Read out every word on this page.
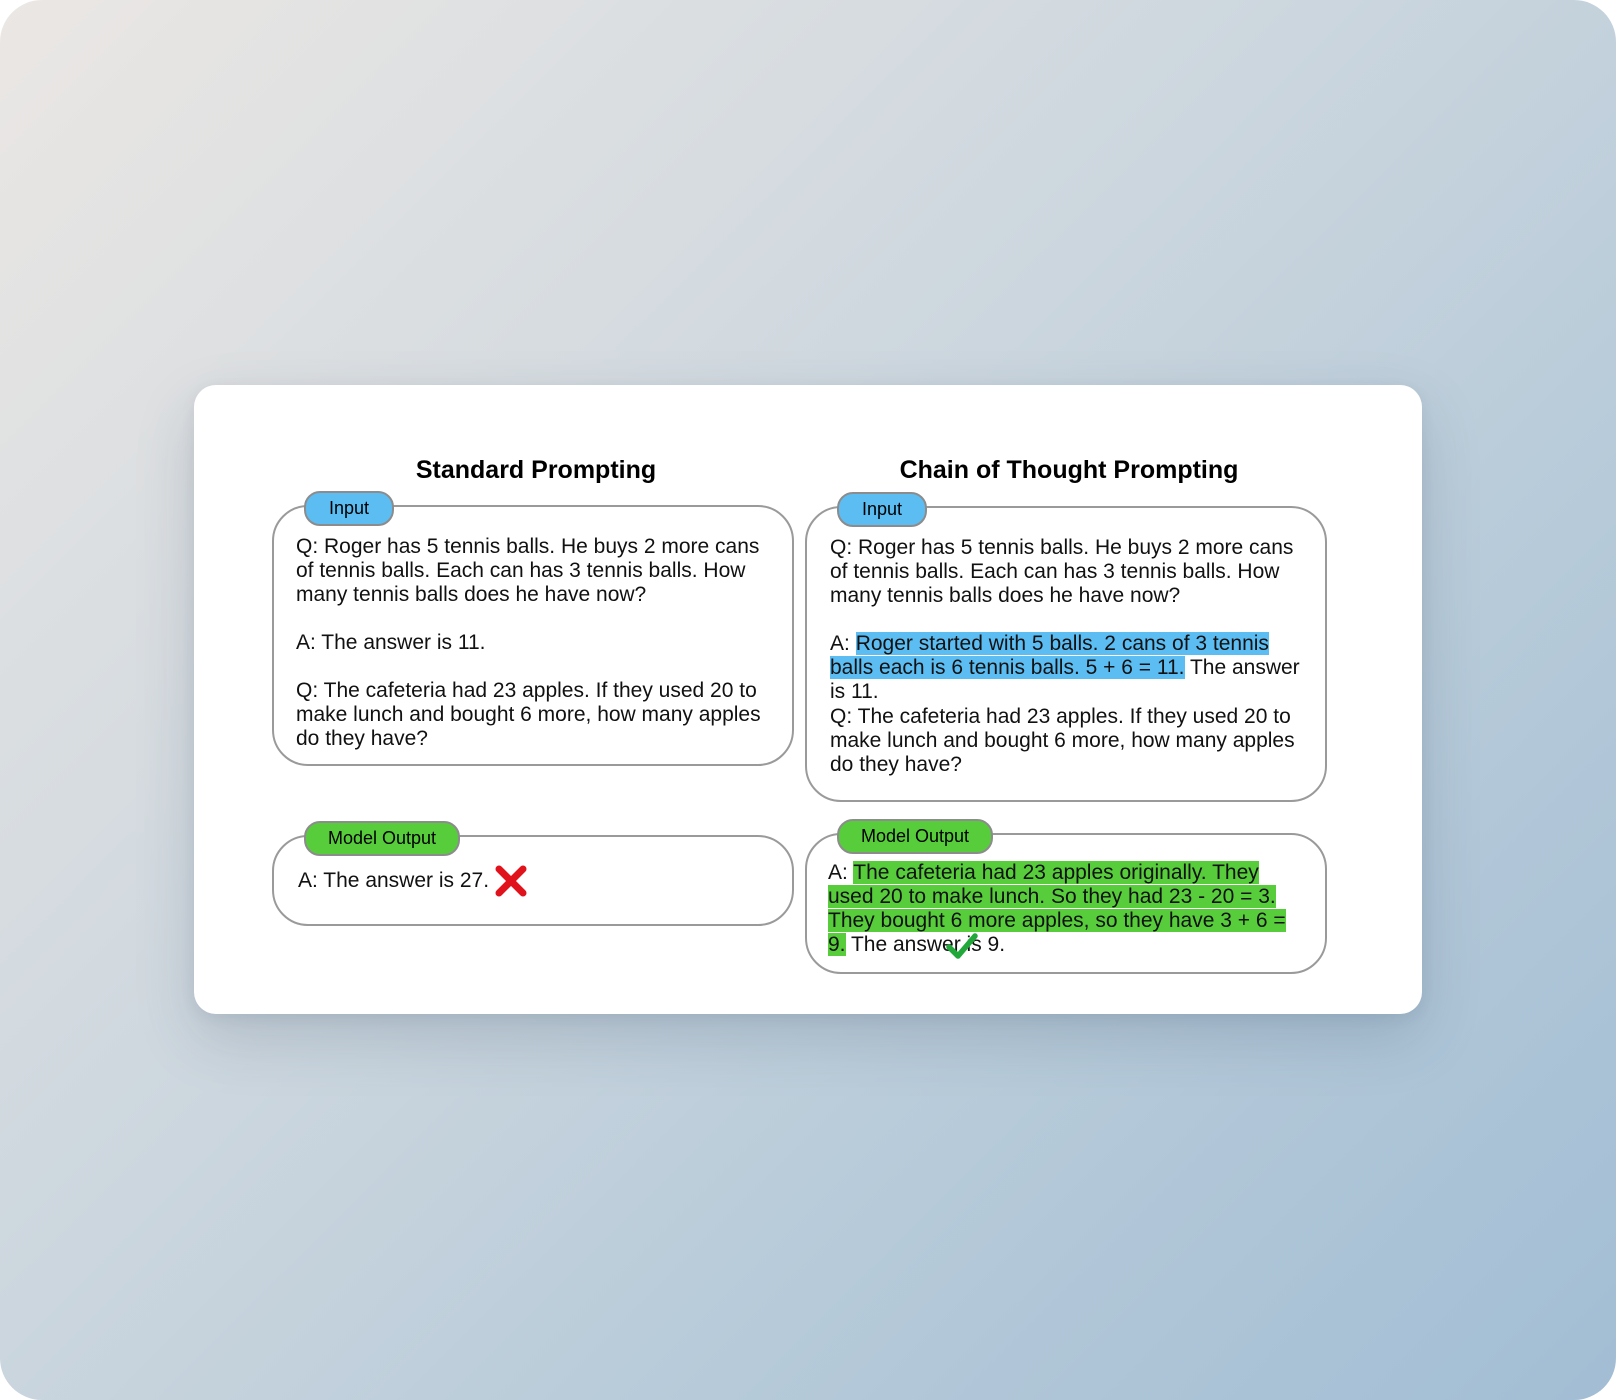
Standard Prompting
Input
Q: Roger has 5 tennis balls. He buys 2 more cans of tennis balls. Each can has 3 tennis balls. How many tennis balls does he have now?
A: The answer is 11.
Q: The cafeteria had 23 apples. If they used 20 to make lunch and bought 6 more, how many apples do they have?
Model Output
A: The answer is 27.
Chain of Thought Prompting
Input
Q: Roger has 5 tennis balls. He buys 2 more cans of tennis balls. Each can has 3 tennis balls. How many tennis balls does he have now?

A: Roger started with 5 balls. 2 cans of 3 tennis balls each is 6 tennis balls. 5 + 6 = 11. The answer is 11.

Q: The cafeteria had 23 apples. If they used 20 to make lunch and bought 6 more, how many apples do they have?
Model Output

A: The cafeteria had 23 apples originally. They used 20 to make lunch. So they had 23 - 20 = 3. They bought 6 more apples, so they have 3 + 6 = 9. The answer is 9.
